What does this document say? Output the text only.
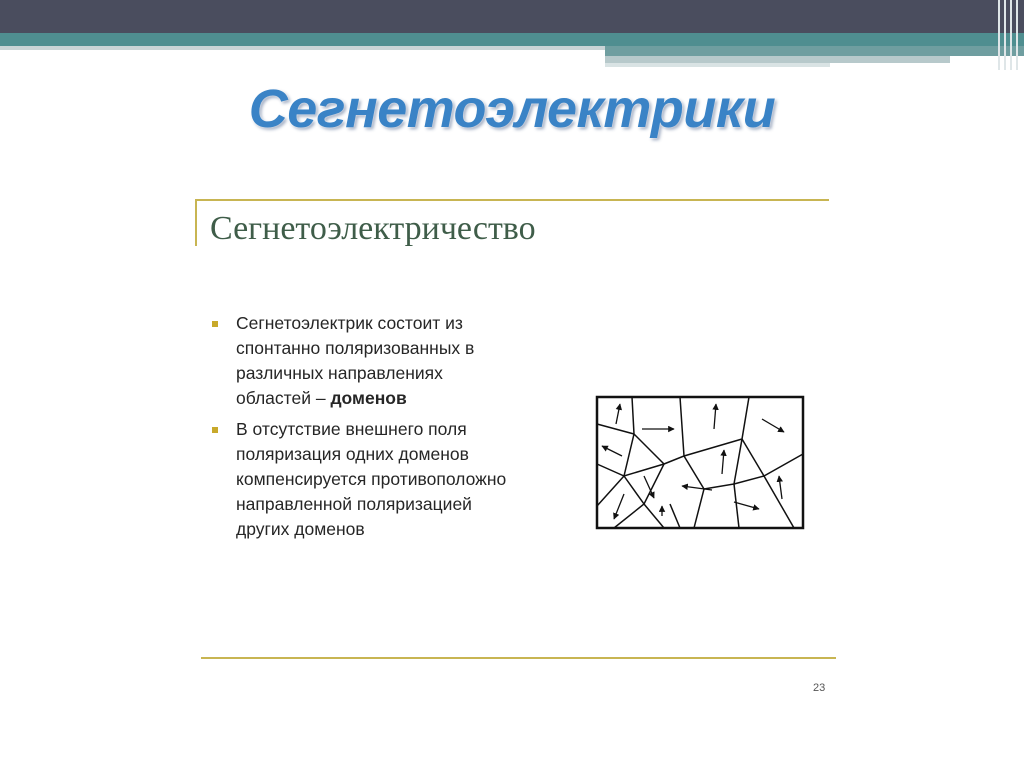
Сегнетоэлектрики
Сегнетоэлектричество
Сегнетоэлектрик состоит из спонтанно поляризованных в различных направлениях областей – доменов
В отсутствие внешнего поля поляризация одних доменов компенсируется противоположно направленной поляризацией других доменов
23
